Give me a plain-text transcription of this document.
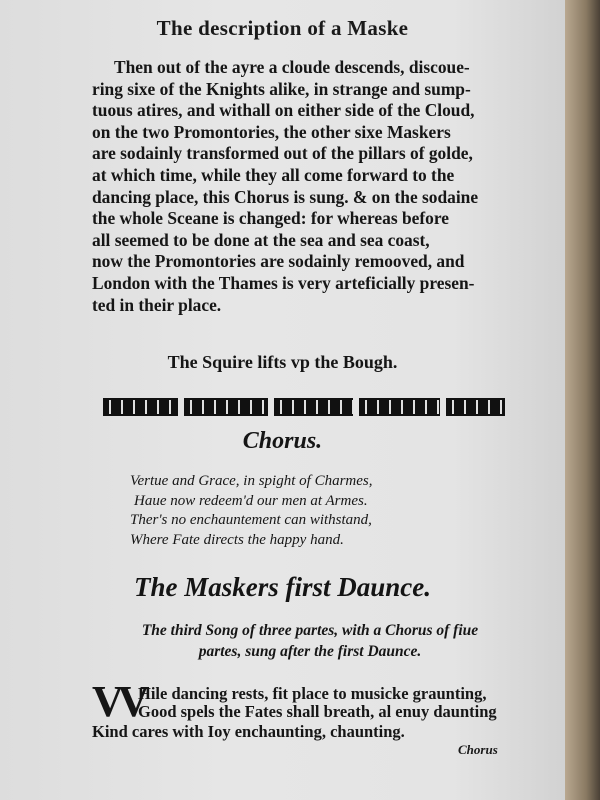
The description of a Maske
Then out of the ayre a cloude descends, discoue-
ring sixe of the Knights alike, in strange and sump-
tuous atires, and withall on either side of the Cloud,
on the two Promontories, the other sixe Maskers
are sodainly transformed out of the pillars of golde,
at which time, while they all come forward to the
dancing place, this Chorus is sung. & on the sodaine
the whole Sceane is changed: for whereas before
all seemed to be done at the sea and sea coast,
now the Promontories are sodainly remooved, and
London with the Thames is very arteficially presen-
ted in their place.
The Squire lifts vp the Bough.
Chorus.
Vertue and Grace, in spight of Charmes,
Haue now redeem'd our men at Armes.
Ther's no enchauntement can withstand,
Where Fate directs the happy hand.
The Maskers first Daunce.
The third Song of three partes, with a Chorus of fiue
partes, sung after the first Daunce.
VV
Hile dancing rests, fit place to musicke graunting,
Good spels the Fates shall breath, al enuy daunting
Kind cares with Ioy enchaunting, chaunting.
Chorus
